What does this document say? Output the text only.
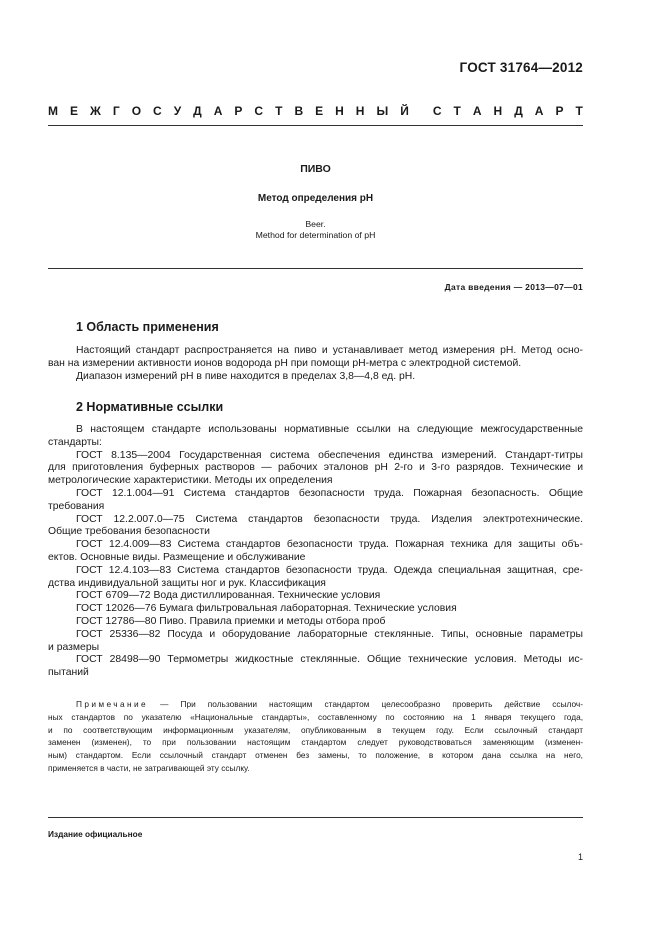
ГОСТ 31764—2012
М Е Ж Г О С У Д А Р С Т В Е Н Н Ы Й С Т А Н Д А Р Т
ПИВО
Метод определения pH
Beer.
Method for determination of pH
Дата введения — 2013—07—01
1 Область применения
Настоящий стандарт распространяется на пиво и устанавливает метод измерения pH. Метод осно-
ван на измерении активности ионов водорода pH при помощи pH-метра с электродной системой.
Диапазон измерений pH в пиве находится в пределах 3,8—4,8 ед. pH.
2 Нормативные ссылки
В настоящем стандарте использованы нормативные ссылки на следующие межгосударственные
стандарты:
ГОСТ 8.135—2004 Государственная система обеспечения единства измерений. Стандарт-титры
для приготовления буферных растворов — рабочих эталонов pH 2-го и 3-го разрядов. Технические и
метрологические характеристики. Методы их определения
ГОСТ 12.1.004—91 Система стандартов безопасности труда. Пожарная безопасность. Общие
требования
ГОСТ 12.2.007.0—75 Система стандартов безопасности труда. Изделия электротехнические.
Общие требования безопасности
ГОСТ 12.4.009—83 Система стандартов безопасности труда. Пожарная техника для защиты объ-
ектов. Основные виды. Размещение и обслуживание
ГОСТ 12.4.103—83 Система стандартов безопасности труда. Одежда специальная защитная, сре-
дства индивидуальной защиты ног и рук. Классификация
ГОСТ 6709—72 Вода дистиллированная. Технические условия
ГОСТ 12026—76 Бумага фильтровальная лабораторная. Технические условия
ГОСТ 12786—80 Пиво. Правила приемки и методы отбора проб
ГОСТ 25336—82 Посуда и оборудование лабораторные стеклянные. Типы, основные параметры
и размеры
ГОСТ 28498—90 Термометры жидкостные стеклянные. Общие технические условия. Методы ис-
пытаний
Примечание — При пользовании настоящим стандартом целесообразно проверить действие ссылоч-
ных стандартов по указателю «Национальные стандарты», составленному по состоянию на 1 января текущего года,
и по соответствующим информационным указателям, опубликованным в текущем году. Если ссылочный стандарт
заменен (изменен), то при пользовании настоящим стандартом следует руководствоваться заменяющим (изменен-
ным) стандартом. Если ссылочный стандарт отменен без замены, то положение, в котором дана ссылка на него,
применяется в части, не затрагивающей эту ссылку.
Издание официальное
1
